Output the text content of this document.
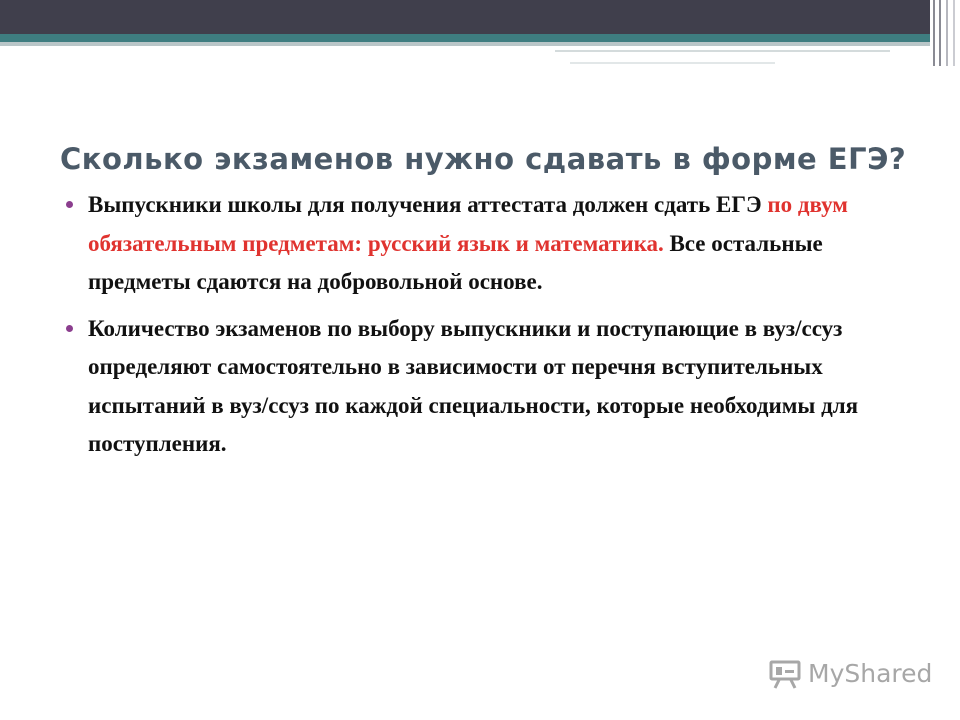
Сколько экзаменов нужно сдавать в форме ЕГЭ?
Выпускники школы для получения аттестата должен сдать ЕГЭ по двум обязательным предметам: русский язык и математика. Все остальные предметы сдаются на добровольной основе.
Количество экзаменов по выбору выпускники и поступающие в вуз/ссуз определяют самостоятельно в зависимости от перечня вступительных испытаний в вуз/ссуз по каждой специальности, которые необходимы для поступления.
MyShared
